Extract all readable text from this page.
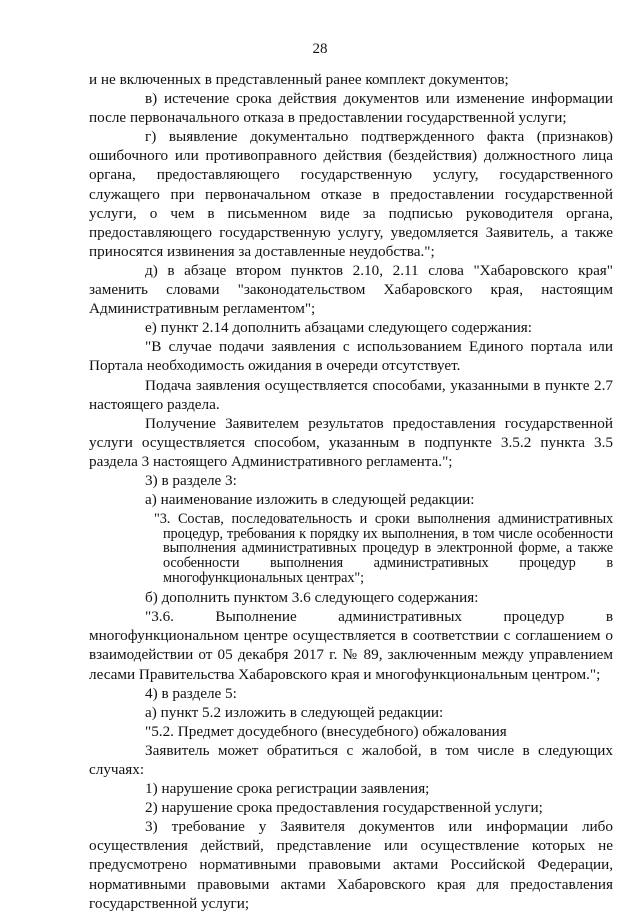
28

и не включенных в представленный ранее комплект документов;

в) истечение срока действия документов или изменение информации после первоначального отказа в предоставлении государственной услуги;

г) выявление документально подтвержденного факта (признаков) ошибочного или противоправного действия (бездействия) должностного лица органа, предоставляющего государственную услугу, государственного служащего при первоначальном отказе в предоставлении государственной услуги, о чем в письменном виде за подписью руководителя органа, предоставляющего государственную услугу, уведомляется Заявитель, а также приносятся извинения за доставленные неудобства.";

д) в абзаце втором пунктов 2.10, 2.11 слова "Хабаровского края" заменить словами "законодательством Хабаровского края, настоящим Административным регламентом";

е) пункт 2.14 дополнить абзацами следующего содержания:

"В случае подачи заявления с использованием Единого портала или Портала необходимость ожидания в очереди отсутствует.

Подача заявления осуществляется способами, указанными в пункте 2.7 настоящего раздела.

Получение Заявителем результатов предоставления государственной услуги осуществляется способом, указанным в подпункте 3.5.2 пункта 3.5 раздела 3 настоящего Административного регламента.";

3) в разделе 3:

а) наименование изложить в следующей редакции:

"3. Состав, последовательность и сроки выполнения административных процедур, требования к порядку их выполнения, в том числе особенности выполнения административных процедур в электронной форме, а также особенности выполнения административных процедур в многофункциональных центрах";

б) дополнить пунктом 3.6 следующего содержания:

"3.6. Выполнение административных процедур в многофункциональном центре осуществляется в соответствии с соглашением о взаимодействии от 05 декабря 2017 г. № 89, заключенным между управлением лесами Правительства Хабаровского края и многофункциональным центром.";

4) в разделе 5:

а) пункт 5.2 изложить в следующей редакции:

"5.2. Предмет досудебного (внесудебного) обжалования

Заявитель может обратиться с жалобой, в том числе в следующих случаях:

1) нарушение срока регистрации заявления;

2) нарушение срока предоставления государственной услуги;

3) требование у Заявителя документов или информации либо осуществления действий, представление или осуществление которых не предусмотрено нормативными правовыми актами Российской Федерации, нормативными правовыми актами Хабаровского края для предоставления государственной услуги;
